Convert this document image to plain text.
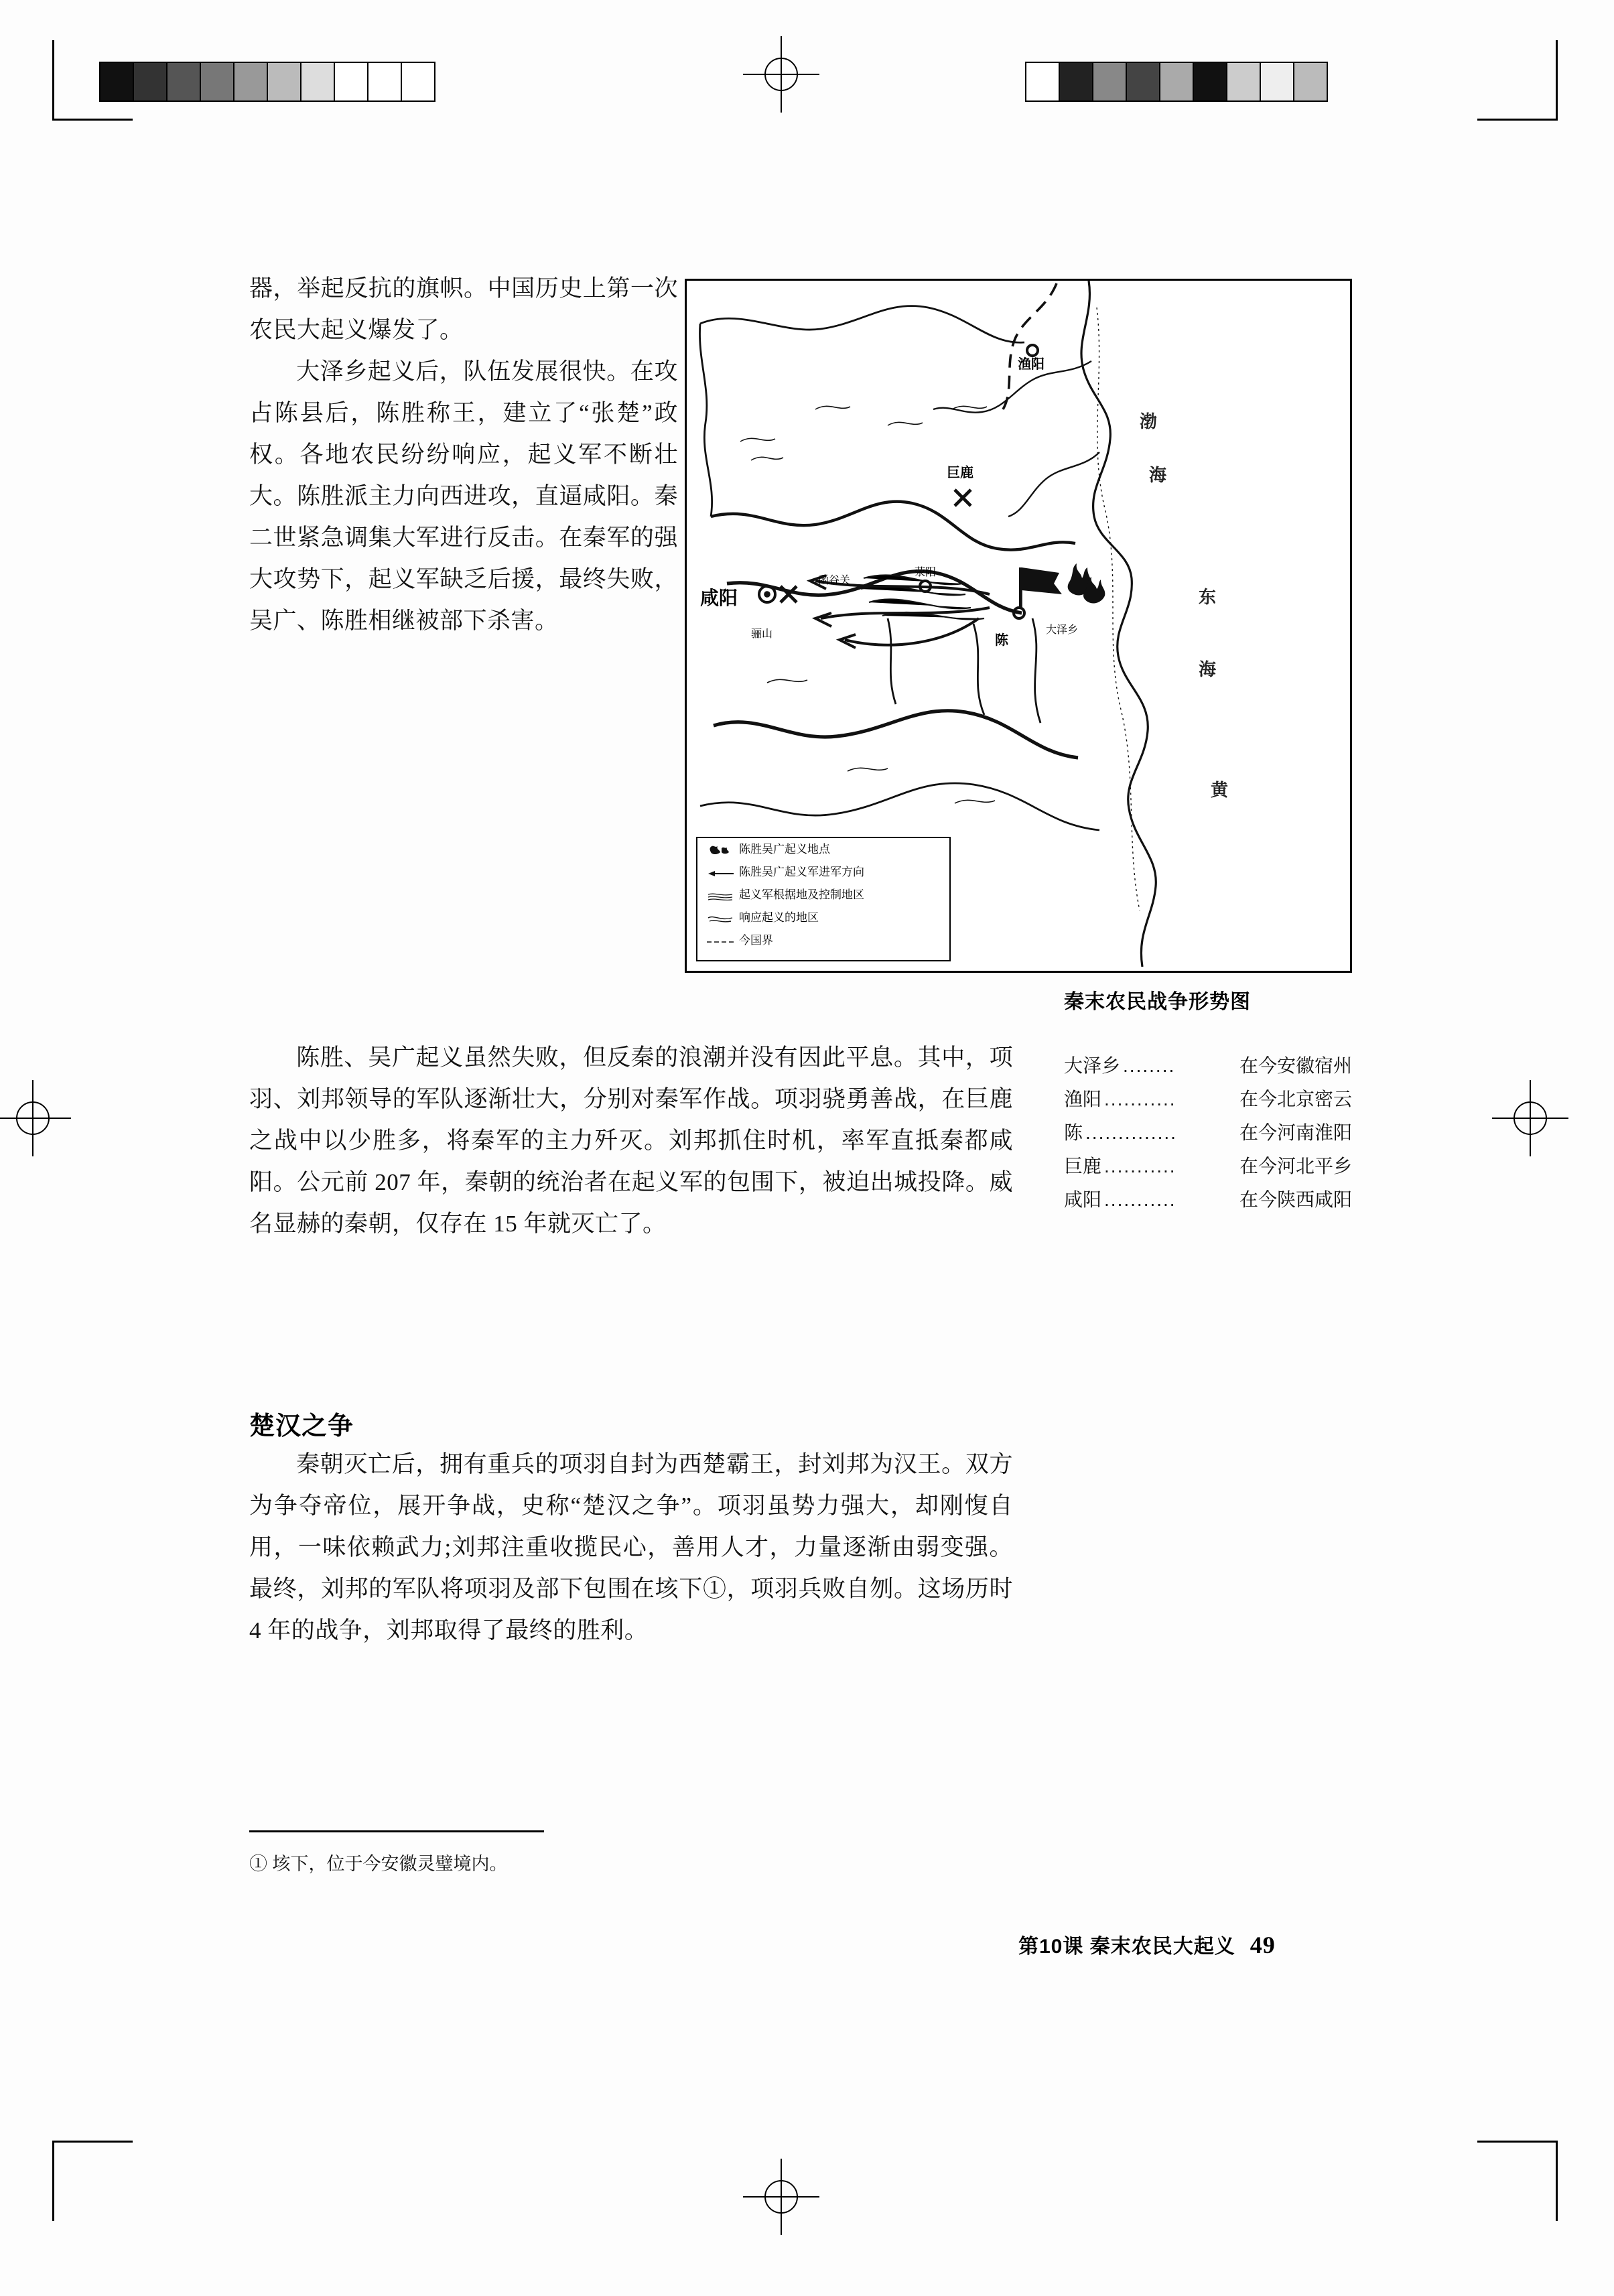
器，举起反抗的旗帜。中国历史上第一次农民大起义爆发了。

大泽乡起义后，队伍发展很快。在攻占陈县后，陈胜称王，建立了“张楚”政权。各地农民纷纷响应，起义军不断壮大。陈胜派主力向西进攻，直逼咸阳。秦二世紧急调集大军进行反击。在秦军的强大攻势下，起义军缺乏后援，最终失败，吴广、陈胜相继被部下杀害。

陈胜、吴广起义虽然失败，但反秦的浪潮并没有因此平息。其中，项羽、刘邦领导的军队逐渐壮大，分别对秦军作战。项羽骁勇善战，在巨鹿之战中以少胜多，将秦军的主力歼灭。刘邦抓住时机，率军直抵秦都咸阳。公元前 207 年，秦朝的统治者在起义军的包围下，被迫出城投降。威名显赫的秦朝，仅存在 15 年就灭亡了。

楚汉之争

秦朝灭亡后，拥有重兵的项羽自封为西楚霸王，封刘邦为汉王。双方为争夺帝位，展开争战，史称“楚汉之争”。项羽虽势力强大，却刚愎自用，一味依赖武力;刘邦注重收揽民心，善用人才，力量逐渐由弱变强。最终，刘邦的军队将项羽及部下包围在垓下①，项羽兵败自刎。这场历时 4 年的战争，刘邦取得了最终的胜利。

① 垓下，位于今安徽灵璧境内。
第10课 秦末农民大起义 49
咸阳
函谷关
荥阳
骊山	陈
大泽乡
渔阳
巨鹿
渤
海
东
海
黄
陈胜吴广起义地点
陈胜吴广起义军进军方向
起义军根据地及控制地区
响应起义的地区
今国界
秦末农民战争形势图
大泽乡 ........	在今安徽宿州
渔阳 ...........	在今北京密云
陈 ..............	在今河南淮阳
巨鹿 ...........	在今河北平乡
咸阳 ...........	在今陕西咸阳
